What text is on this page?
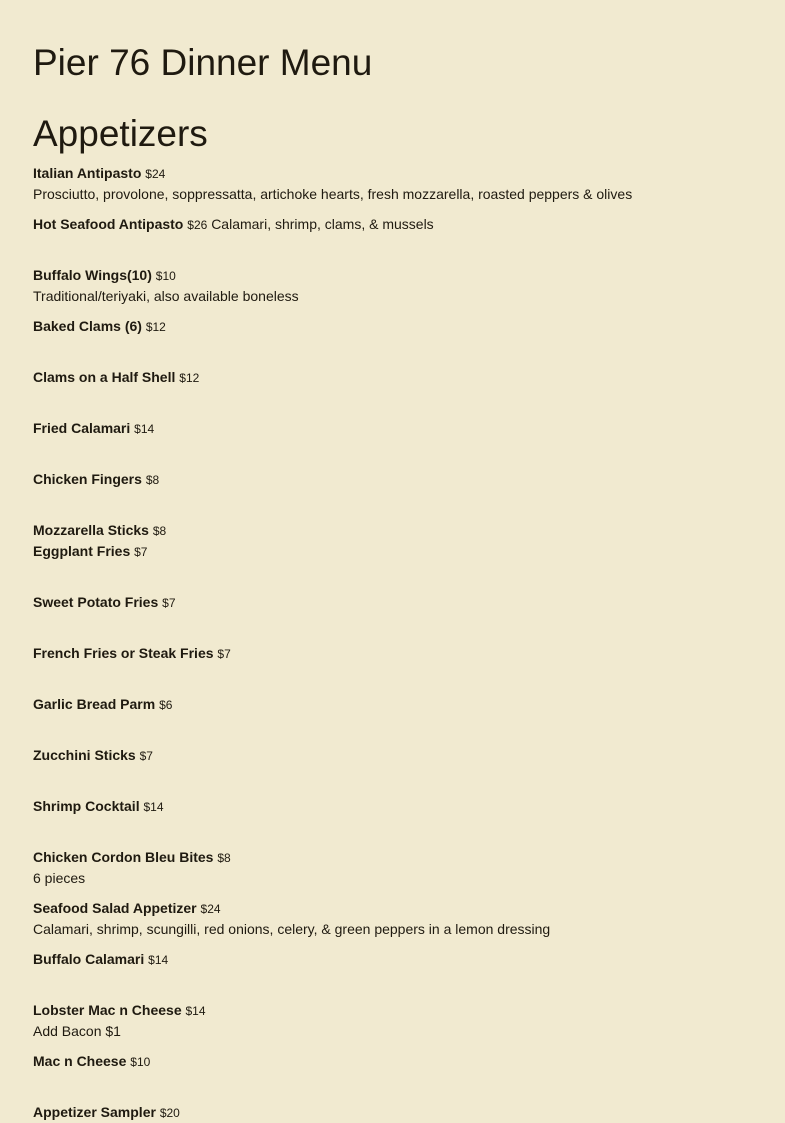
Pier 76 Dinner Menu
Appetizers
Italian Antipasto $24
Prosciutto, provolone, soppressatta, artichoke hearts, fresh mozzarella, roasted peppers & olives
Hot Seafood Antipasto $26 Calamari, shrimp, clams, & mussels
Buffalo Wings(10) $10
Traditional/teriyaki, also available boneless
Baked Clams (6) $12
Clams on a Half Shell $12
Fried Calamari $14
Chicken Fingers $8
Mozzarella Sticks $8
Eggplant Fries $7
Sweet Potato Fries $7
French Fries or Steak Fries $7
Garlic Bread Parm $6
Zucchini Sticks $7
Shrimp Cocktail $14
Chicken Cordon Bleu Bites $8
6 pieces
Seafood Salad Appetizer $24
Calamari, shrimp, scungilli, red onions, celery, & green peppers in a lemon dressing
Buffalo Calamari $14
Lobster Mac n Cheese $14
Add Bacon $1
Mac n Cheese $10
Appetizer Sampler $20
